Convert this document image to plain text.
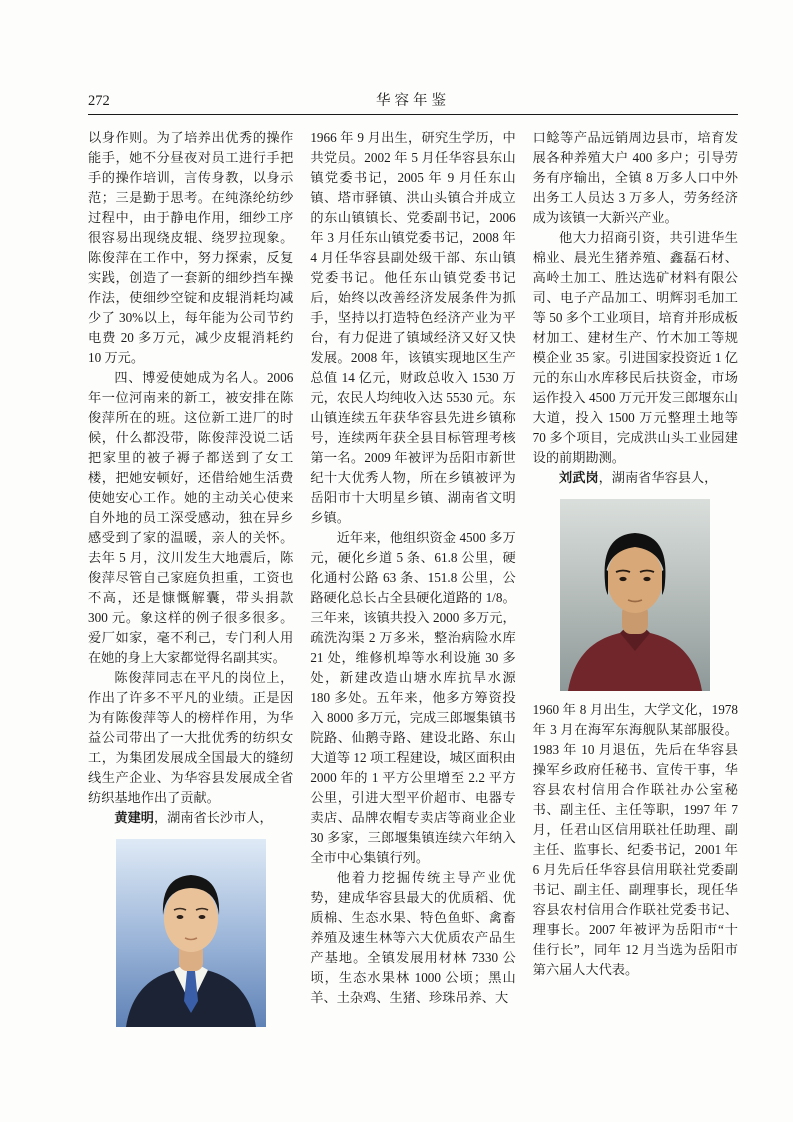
272	华容年鉴

以身作则。为了培养出优秀的操作能手，她不分昼夜对员工进行手把手的操作培训，言传身教，以身示范；三是勤于思考。在纯涤纶纺纱过程中，由于静电作用，细纱工序很容易出现绕皮辊、绕罗拉现象。陈俊萍在工作中，努力探索，反复实践，创造了一套新的细纱挡车操作法，使细纱空锭和皮辊消耗均减少了 30%以上，每年能为公司节约电费 20 多万元，减少皮辊消耗约 10 万元。

四、博爱使她成为名人。2006 年一位河南来的新工，被安排在陈俊萍所在的班。这位新工进厂的时候，什么都没带，陈俊萍没说二话把家里的被子褥子都送到了女工楼，把她安顿好，还借给她生活费使她安心工作。她的主动关心使来自外地的员工深受感动，独在异乡感受到了家的温暖，亲人的关怀。去年 5 月，汶川发生大地震后，陈俊萍尽管自己家庭负担重，工资也不高，还是慷慨解囊，带头捐款 300 元。象这样的例子很多很多。爱厂如家，毫不利己，专门利人用在她的身上大家都觉得名副其实。

陈俊萍同志在平凡的岗位上，作出了许多不平凡的业绩。正是因为有陈俊萍等人的榜样作用，为华益公司带出了一大批优秀的纺织女工，为集团发展成全国最大的缝纫线生产企业、为华容县发展成全省纺织基地作出了贡献。

黄建明，湖南省长沙市人，

1966 年 9 月出生，研究生学历，中共党员。2002 年 5 月任华容县东山镇党委书记，2005 年 9 月任东山镇、塔市驿镇、洪山头镇合并成立的东山镇镇长、党委副书记，2006 年 3 月任东山镇党委书记，2008 年 4 月任华容县副处级干部、东山镇党委书记。他任东山镇党委书记后，始终以改善经济发展条件为抓手，坚持以打造特色经济产业为平台，有力促进了镇域经济又好又快发展。2008 年，该镇实现地区生产总值 14 亿元，财政总收入 1530 万元，农民人均纯收入达 5530 元。东山镇连续五年获华容县先进乡镇称号，连续两年获全县目标管理考核第一名。2009 年被评为岳阳市新世纪十大优秀人物，所在乡镇被评为岳阳市十大明星乡镇、湖南省文明乡镇。

近年来，他组织资金 4500 多万元，硬化乡道 5 条、61.8 公里，硬化通村公路 63 条、151.8 公里，公路硬化总长占全县硬化道路的 1/8。三年来，该镇共投入 2000 多万元，疏洗沟渠 2 万多米，整治病险水库 21 处，维修机埠等水利设施 30 多处，新建改造山塘水库抗旱水源 180 多处。五年来，他多方筹资投入 8000 多万元，完成三郎堰集镇书院路、仙鹅寺路、建设北路、东山大道等 12 项工程建设，城区面积由 2000 年的 1 平方公里增至 2.2 平方公里，引进大型平价超市、电器专卖店、品牌农帽专卖店等商业企业 30 多家，三郎堰集镇连续六年纳入全市中心集镇行列。

他着力挖掘传统主导产业优势，建成华容县最大的优质稻、优质棉、生态水果、特色鱼虾、禽畜养殖及速生林等六大优质农产品生产基地。全镇发展用材林 7330 公顷，生态水果林 1000 公顷；黑山羊、土杂鸡、生猪、珍珠吊养、大

口鲶等产品远销周边县市，培育发展各种养殖大户 400 多户；引导劳务有序输出，全镇 8 万多人口中外出务工人员达 3 万多人，劳务经济成为该镇一大新兴产业。

他大力招商引资，共引进华生棉业、晨光生猪养殖、鑫磊石材、高岭土加工、胜达选矿材料有限公司、电子产品加工、明辉羽毛加工等 50 多个工业项目，培育并形成板材加工、建材生产、竹木加工等规模企业 35 家。引进国家投资近 1 亿元的东山水库移民后扶资金，市场运作投入 4500 万元开发三郎堰东山大道，投入 1500 万元整理土地等 70 多个项目，完成洪山头工业园建设的前期勘测。

刘武岗，湖南省华容县人，

1960 年 8 月出生，大学文化，1978 年 3 月在海军东海舰队某部服役。1983 年 10 月退伍，先后在华容县操军乡政府任秘书、宣传干事，华容县农村信用合作联社办公室秘书、副主任、主任等职，1997 年 7 月，任君山区信用联社任助理、副主任、监事长、纪委书记，2001 年 6 月先后任华容县信用联社党委副书记、副主任、副理事长，现任华容县农村信用合作联社党委书记、理事长。2007 年被评为岳阳市“十佳行长”，同年 12 月当选为岳阳市第六届人大代表。
